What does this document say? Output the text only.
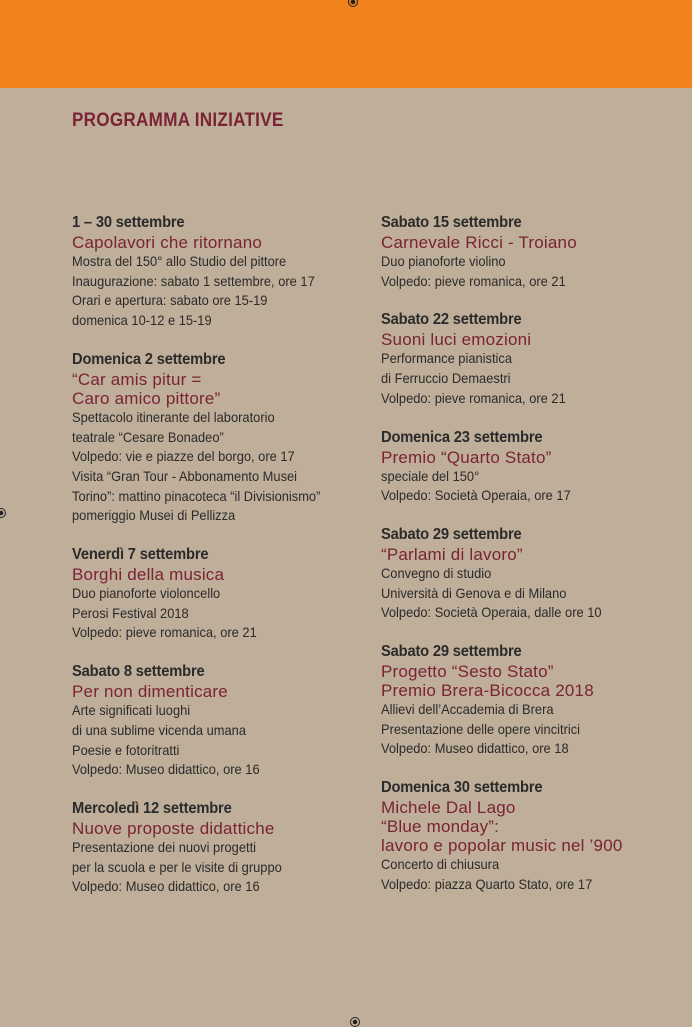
PROGRAMMA INIZIATIVE
1 – 30 settembre
Capolavori che ritornano
Mostra del 150° allo Studio del pittore
Inaugurazione: sabato 1 settembre, ore 17
Orari e apertura: sabato ore 15-19
domenica 10-12 e 15-19
Domenica 2 settembre
“Car amis pitur =
Caro amico pittore”
Spettacolo itinerante del laboratorio
teatrale “Cesare Bonadeo”
Volpedo: vie e piazze del borgo, ore 17
Visita “Gran Tour - Abbonamento Musei
Torino”: mattino pinacoteca “il Divisionismo”
pomeriggio Musei di Pellizza
Venerdì 7 settembre
Borghi della musica
Duo pianoforte violoncello
Perosi Festival 2018
Volpedo: pieve romanica, ore 21
Sabato 8 settembre
Per non dimenticare
Arte significati luoghi
di una sublime vicenda umana
Poesie e fotoritratti
Volpedo: Museo didattico, ore 16
Mercoledì 12 settembre
Nuove proposte didattiche
Presentazione dei nuovi progetti
per la scuola e per le visite di gruppo
Volpedo: Museo didattico, ore 16
Sabato 15 settembre
Carnevale Ricci - Troiano
Duo pianoforte violino
Volpedo: pieve romanica, ore 21
Sabato 22 settembre
Suoni luci emozioni
Performance pianistica
di Ferruccio Demaestri
Volpedo: pieve romanica, ore 21
Domenica 23 settembre
Premio “Quarto Stato”
speciale del 150°
Volpedo: Società Operaia, ore 17
Sabato 29 settembre
“Parlami di lavoro”
Convegno di studio
Università di Genova e di Milano
Volpedo: Società Operaia, dalle ore 10
Sabato 29 settembre
Progetto “Sesto Stato”
Premio Brera-Bicocca 2018
Allievi dell’Accademia di Brera
Presentazione delle opere vincitrici
Volpedo: Museo didattico, ore 18
Domenica 30 settembre
Michele Dal Lago
“Blue monday”:
lavoro e popolar music nel ’900
Concerto di chiusura
Volpedo: piazza Quarto Stato, ore 17
